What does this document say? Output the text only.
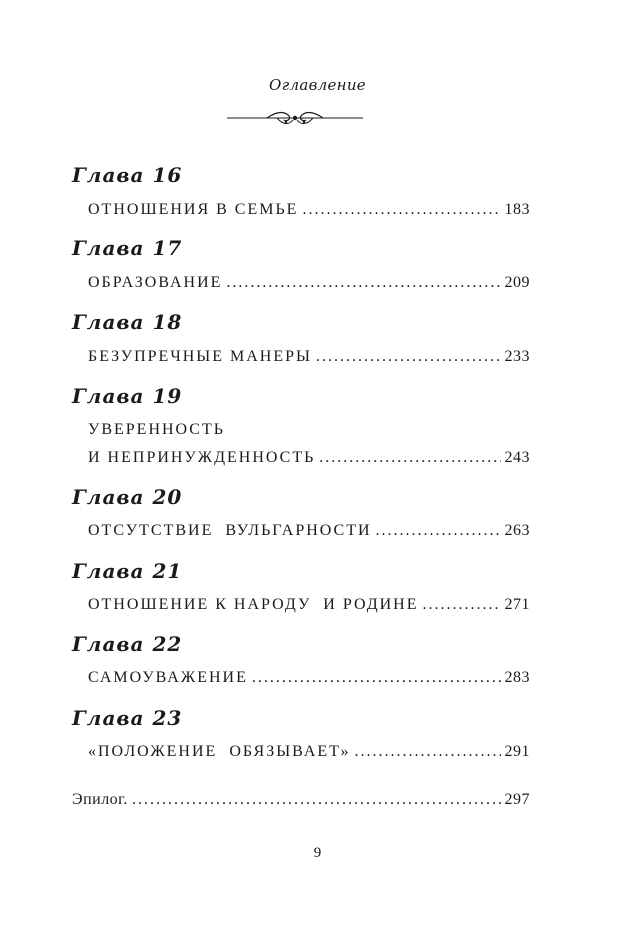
Оглавление
Глава 16
ОТНОШЕНИЯ В СЕМЬЕ . . .	183
Глава 17
ОБРАЗОВАНИЕ . . .	209
Глава 18
БЕЗУПРЕЧНЫЕ МАНЕРЫ . . .	233
Глава 19
УВЕРЕННОСТЬ
И НЕПРИНУЖДЕННОСТЬ . . .	243
Глава 20
ОТСУТСТВИЕ  ВУЛЬГАРНОСТИ . . .	263
Глава 21
ОТНОШЕНИЕ К НАРОДУ  И РОДИНЕ . . .	271
Глава 22
САМОУВАЖЕНИЕ . . .	283
Глава 23
«ПОЛОЖЕНИЕ  ОБЯЗЫВАЕТ» . . .	291
Эпилог. . . .	297
9
